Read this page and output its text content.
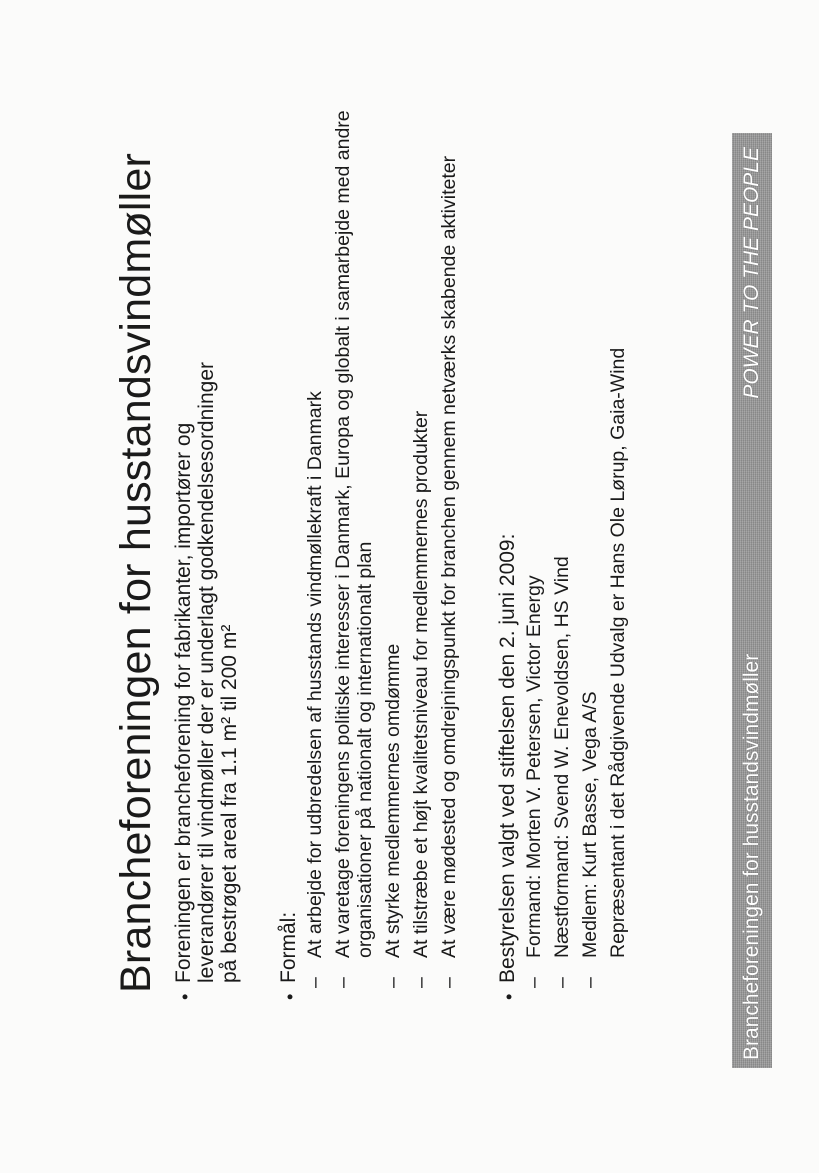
Brancheforeningen for husstandsvindmøller
•
Foreningen er brancheforening for fabrikanter, importører og leverandører til vindmøller der er underlagt godkendelsesordninger på bestrøget areal fra 1.1 m² til 200 m²
•
Formål: –
At arbejde for udbredelsen af husstands vindmøllekraft i Danmark
–
At varetage foreningens politiske interesser i Danmark, Europa og globalt i samarbejde med andre organisationer på nationalt og internationalt plan
–
At styrke medlemmernes omdømme
–
At tilstræbe et højt kvalitetsniveau for medlemmernes produkter
–
At være mødested og omdrejningspunkt for branchen gennem netværks skabende aktiviteter
•
Bestyrelsen valgt ved stiftelsen den 2. juni 2009: –
Formand: Morten V. Petersen, Victor Energy
–
Næstformand: Svend W. Enevoldsen, HS Vind
–
Medlem: Kurt Basse, Vega A/S Repræsentant i det Rådgivende Udvalg er Hans Ole Lørup, Gaia-Wind	Brancheforeningen for husstandsvindmøller
POWER TO THE PEOPLE
